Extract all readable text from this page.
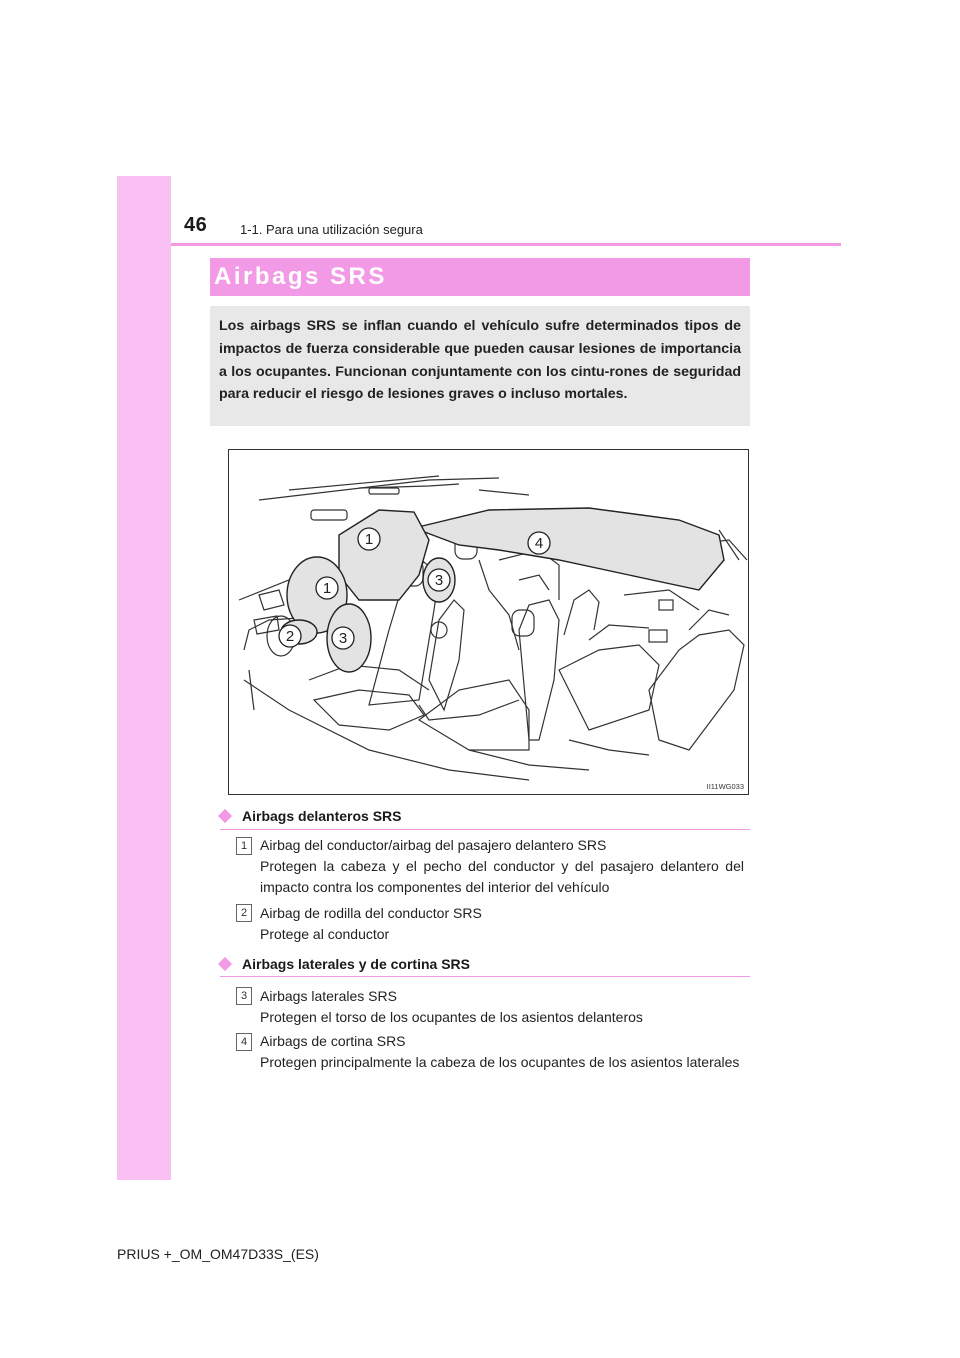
46	1-1. Para una utilización segura
Airbags SRS

Los airbags SRS se inflan cuando el vehículo sufre determinados tipos de impactos de fuerza considerable que pueden causar lesiones de importancia a los ocupantes. Funcionan conjuntamente con los cintu-rones de seguridad para reducir el riesgo de lesiones graves o incluso mortales.

1	4
1	3
2	3
II11WG033
Airbags delanteros SRS
1 Airbag del conductor/airbag del pasajero delantero SRS

Protegen la cabeza y el pecho del conductor y del pasajero delantero del impacto contra los componentes del interior del vehículo

2 Airbag de rodilla del conductor SRS

Protege al conductor

Airbags laterales y de cortina SRS
3 Airbags laterales SRS

Protegen el torso de los ocupantes de los asientos delanteros

4 Airbags de cortina SRS

Protegen principalmente la cabeza de los ocupantes de los asientos laterales

PRIUS +_OM_OM47D33S_(ES)
